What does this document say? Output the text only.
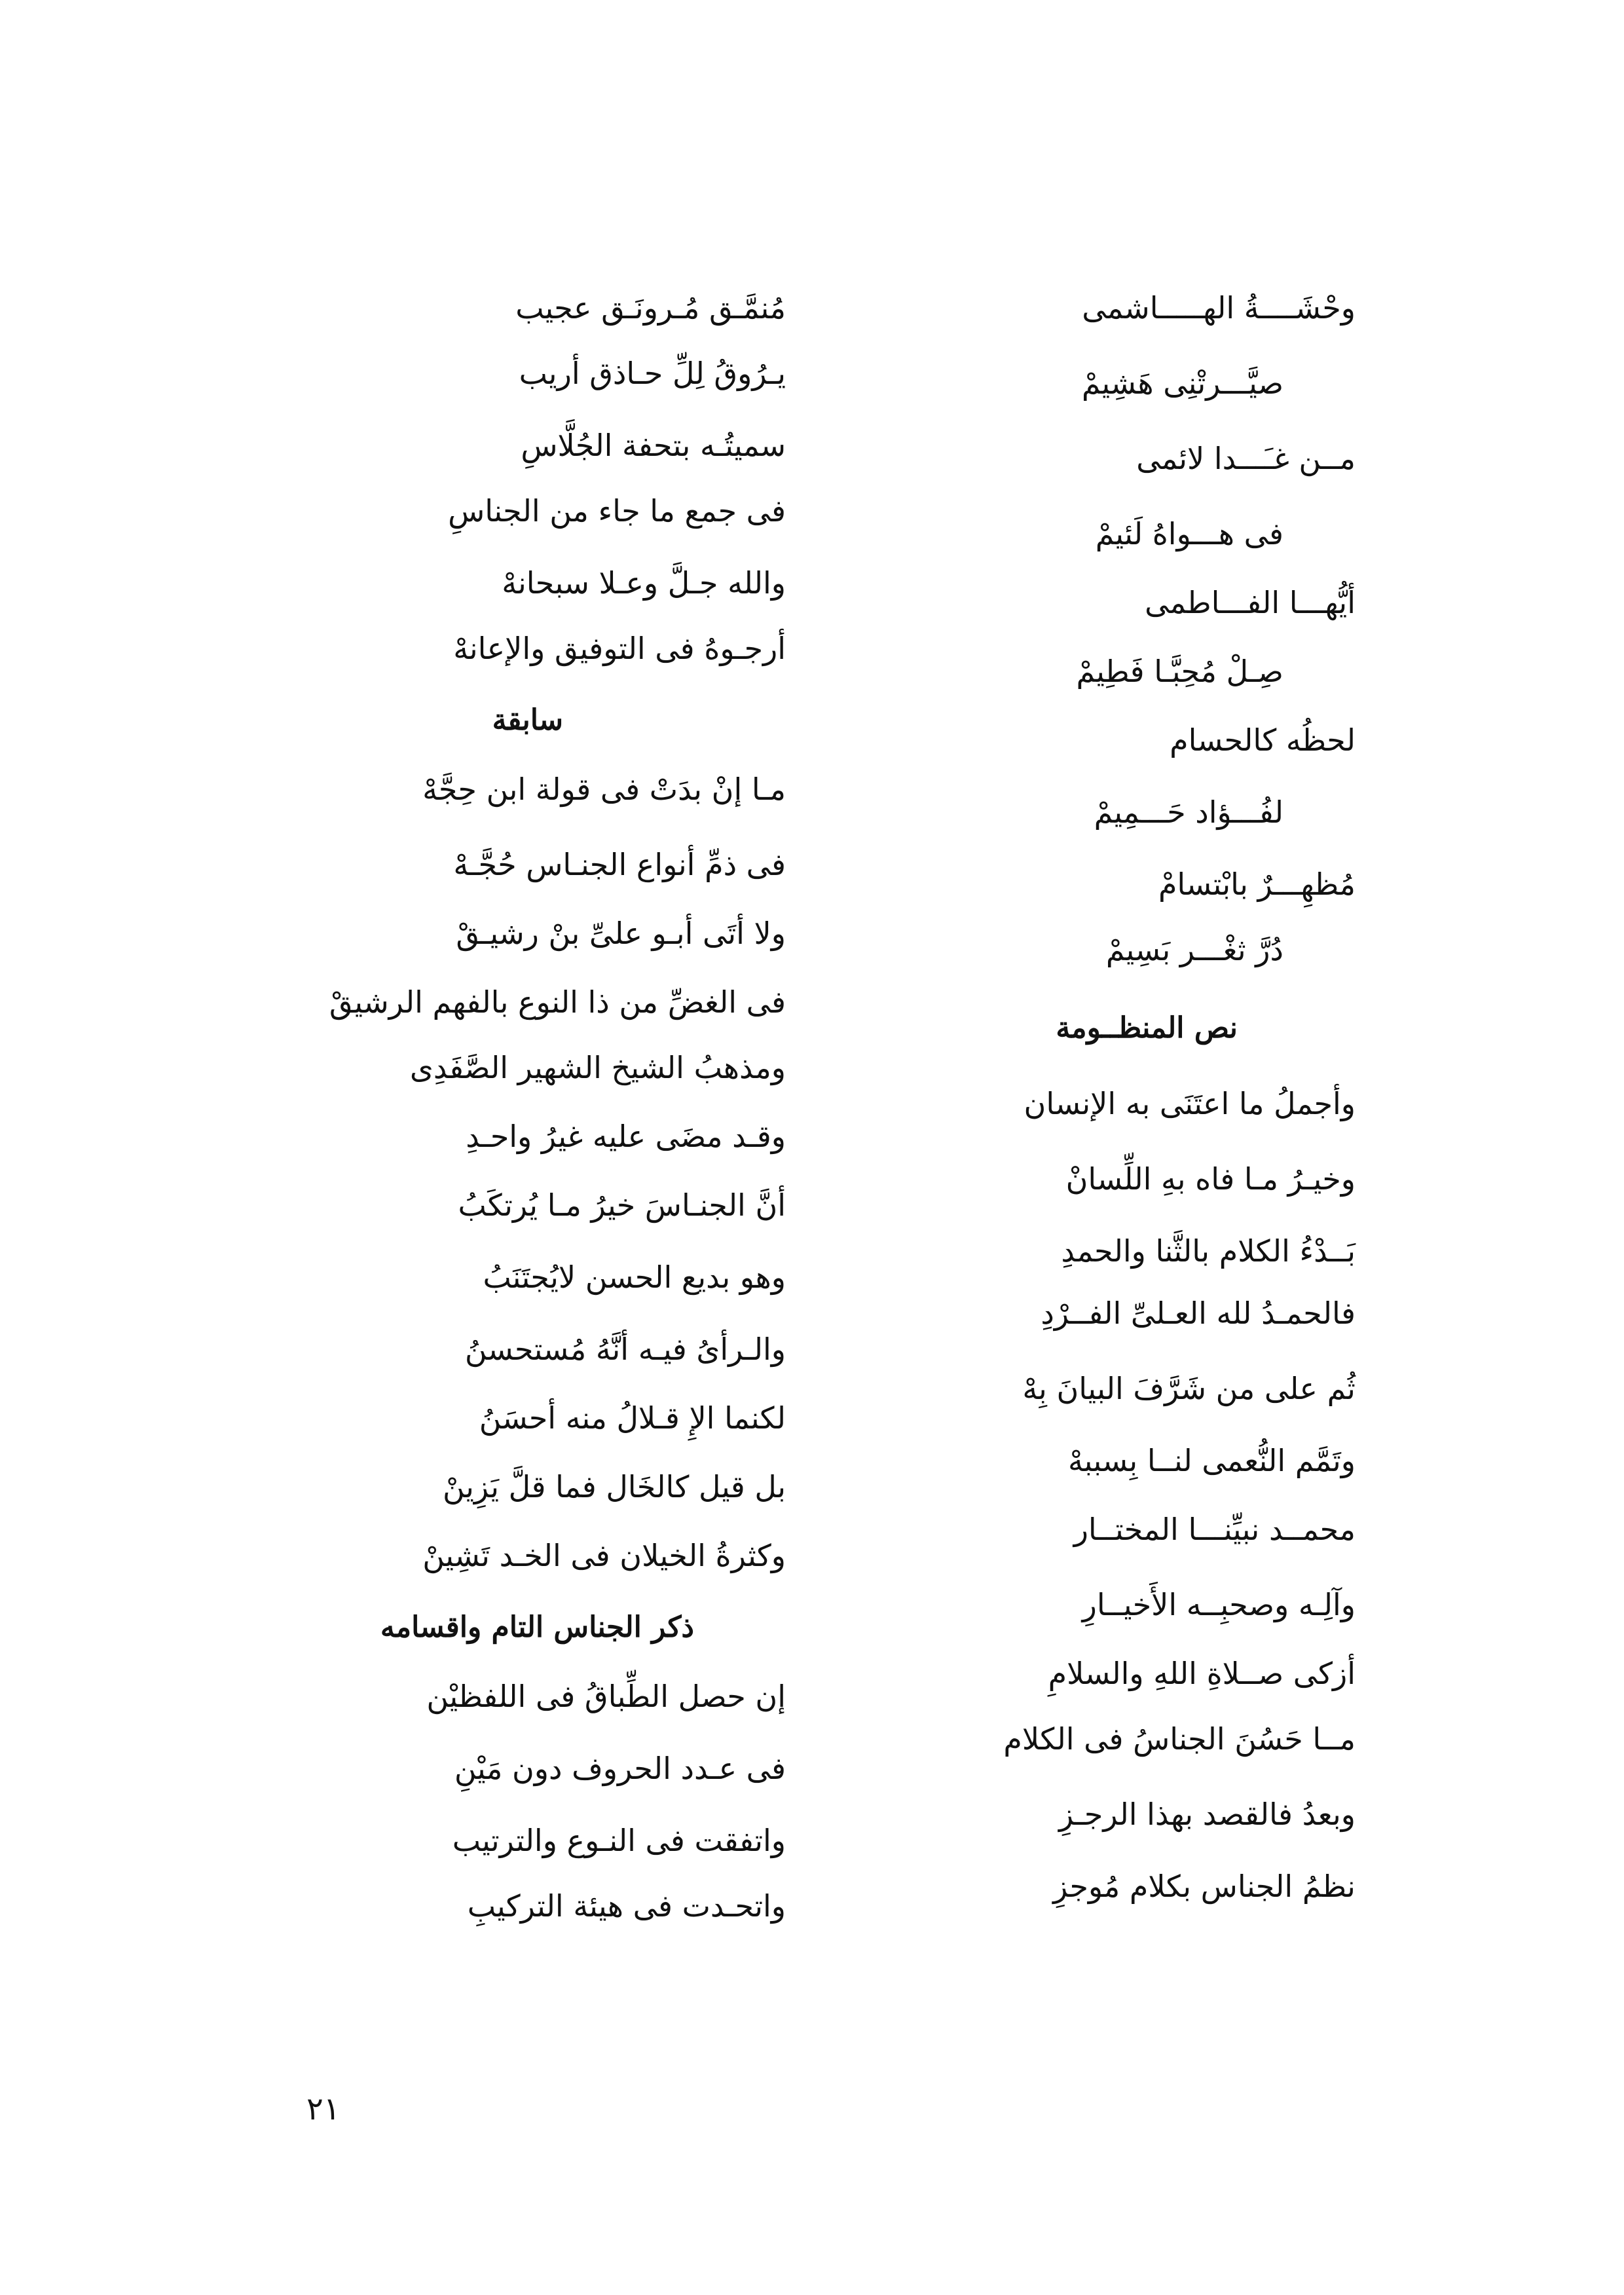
وحْشَــــةُ الهـــــاشمى
صيَّـــرتْنِى هَشِيمْ
مــن غـَـــدا لائمى
فى هـــواهُ لَئيمْ
أيُّهـــا الفـــاطمى
صِـلْ مُحِبَّـا فَطِيمْ
لحظُه كالحسام
لفُـــؤاد حَـــمِيمْ
مُظهِـــرٌ بابْتسامْ
دُرَّ ثغْـــر بَسِيمْ
نص المنظــومة
وأجملُ ما اعتَنَى به الإنسان
وخيـرُ مـا فاه بهِ اللِّسانْ
بَــدْءُ الكلام بالثَّنا والحمدِ
فالحمـدُ لله العـلىِّ الفــرْدِ
ثُم على من شَرَّفَ البيانَ بِهْ
وتَمَّم النُّعمى لنــا بِسببهْ
محمــد نبيِّنـــا المختــار
وآلِـه وصحبِــه الأَخيــارِ
أزكى صــلاةِ اللهِ والسلامِ
مــا حَسُنَ الجناسُ فى الكلام
وبعدُ فالقصد بهذا الرجـزِ
نظمُ الجناس بكلام مُوجزِ
مُنمَّـق مُـرونَـق عجيب
يـرُوقُ لِلِّ حـاذق أريب
سميتُـه بتحفة الجُلَّاسِ
فى جمع ما جاء من الجناسِ
والله جـلَّ وعـلا سبحانهْ
أرجـوهُ فى التوفيق والإعانهْ
سابقة
مـا إنْ بدَتْ فى قولة ابن حِجَّهْ
فى ذمِّ أنواع الجنـاس حُجَّـهْ
ولا أتَى أبـو علىِّ بنْ رشيـقْ
فى الغضِّ من ذا النوع بالفهم الرشيقْ
ومذهبُ الشيخ الشهير الصَّفَدِى
وقـد مضَى عليه غيرُ واحـدِ
أنَّ الجنـاسَ خيرُ مـا يُرتكَبُ
وهو بديع الحسن لايُجتَنَبُ
والـرأىُ فيـه أنَّهُ مُستحسنُ
لكنما الإِ قـلالُ منه أحسَنُ
بل قيل كالخَال فما قلَّ يَزِينْ
وكثرةُ الخيلان فى الخـد تَشِينْ
ذكر الجناس التام واقسامه
إن حصل الطِّباقُ فى اللفظيْن
فى عـدد الحروف دون مَيْنِ
واتفقت فى النـوع والترتيب
واتحـدت فى هيئة التركيبِ
٢١
